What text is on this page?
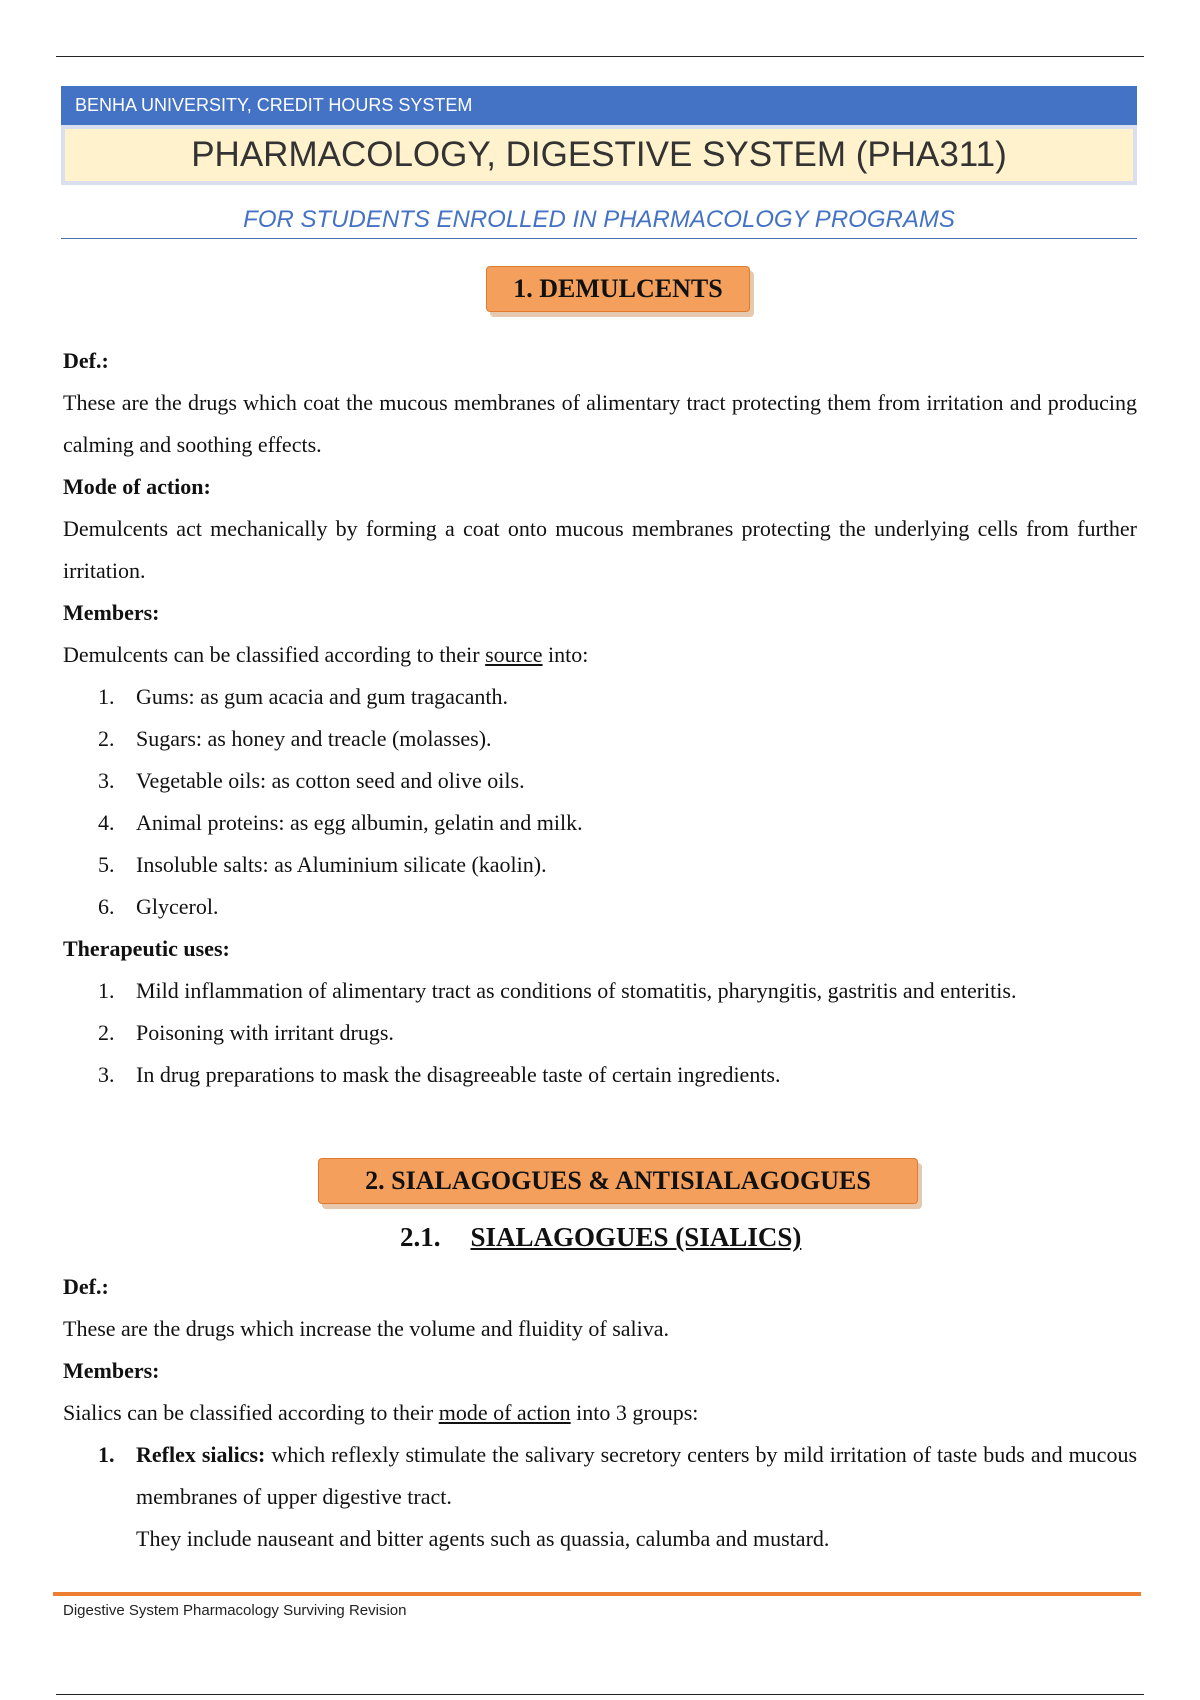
BENHA UNIVERSITY, CREDIT HOURS SYSTEM
PHARMACOLOGY, DIGESTIVE SYSTEM (PHA311)
FOR STUDENTS ENROLLED IN PHARMACOLOGY PROGRAMS
1. DEMULCENTS

Def.:

These are the drugs which coat the mucous membranes of alimentary tract protecting them from irritation and producing calming and soothing effects.

Mode of action:

Demulcents act mechanically by forming a coat onto mucous membranes protecting the underlying cells from further irritation.

Members:

Demulcents can be classified according to their source into:

1. Gums: as gum acacia and gum tragacanth.
2. Sugars: as honey and treacle (molasses).
3. Vegetable oils: as cotton seed and olive oils.
4. Animal proteins: as egg albumin, gelatin and milk.
5. Insoluble salts: as Aluminium silicate (kaolin).
6. Glycerol.

Therapeutic uses:

1. Mild inflammation of alimentary tract as conditions of stomatitis, pharyngitis, gastritis and enteritis.
2. Poisoning with irritant drugs.
3. In drug preparations to mask the disagreeable taste of certain ingredients.
2. SIALAGOGUES & ANTISIALAGOGUES
2.1. SIALAGOGUES (SIALICS)

Def.:

These are the drugs which increase the volume and fluidity of saliva.

Members:

Sialics can be classified according to their mode of action into 3 groups:

1. Reflex sialics: which reflexly stimulate the salivary secretory centers by mild irritation of taste buds and mucous membranes of upper digestive tract.
They include nauseant and bitter agents such as quassia, calumba and mustard.
Digestive System Pharmacology Surviving Revision
